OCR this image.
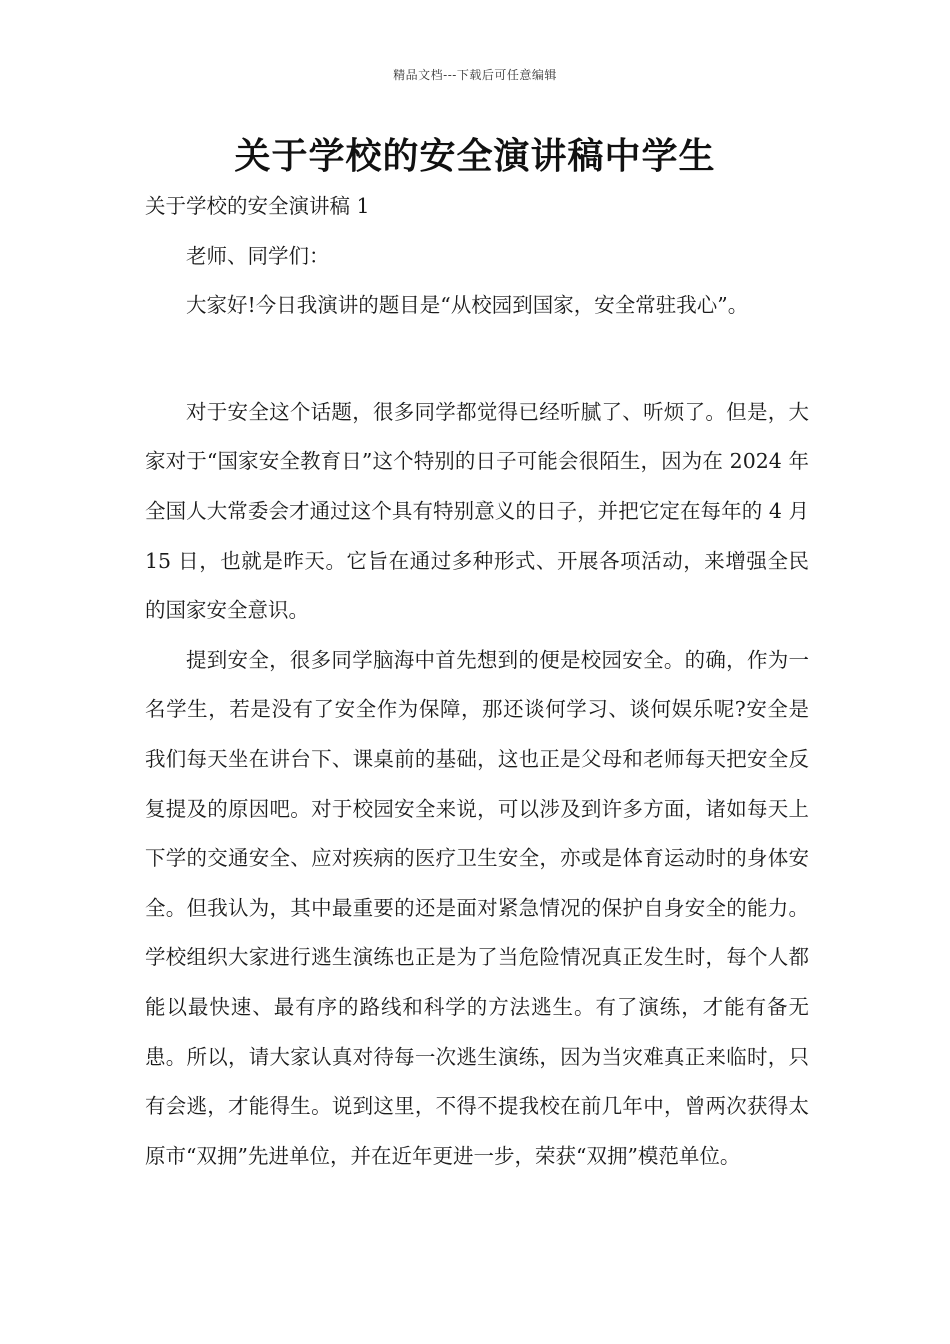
精品文档---下载后可任意编辑
关于学校的安全演讲稿中学生

关于学校的安全演讲稿 1

老师、同学们：

大家好!今日我演讲的题目是“从校园到国家，安全常驻我心”。

对于安全这个话题，很多同学都觉得已经听腻了、听烦了。但是，大家对于“国家安全教育日”这个特别的日子可能会很陌生，因为在 2024 年全国人大常委会才通过这个具有特别意义的日子，并把它定在每年的 4 月 15 日，也就是昨天。它旨在通过多种形式、开展各项活动，来增强全民的国家安全意识。

提到安全，很多同学脑海中首先想到的便是校园安全。的确，作为一名学生，若是没有了安全作为保障，那还谈何学习、谈何娱乐呢?安全是我们每天坐在讲台下、课桌前的基础，这也正是父母和老师每天把安全反复提及的原因吧。对于校园安全来说，可以涉及到许多方面，诸如每天上下学的交通安全、应对疾病的医疗卫生安全，亦或是体育运动时的身体安全。但我认为，其中最重要的还是面对紧急情况的保护自身安全的能力。学校组织大家进行逃生演练也正是为了当危险情况真正发生时，每个人都能以最快速、最有序的路线和科学的方法逃生。有了演练，才能有备无患。所以，请大家认真对待每一次逃生演练，因为当灾难真正来临时，只有会逃，才能得生。说到这里，不得不提我校在前几年中，曾两次获得太原市“双拥”先进单位，并在近年更进一步，荣获“双拥”模范单位。
